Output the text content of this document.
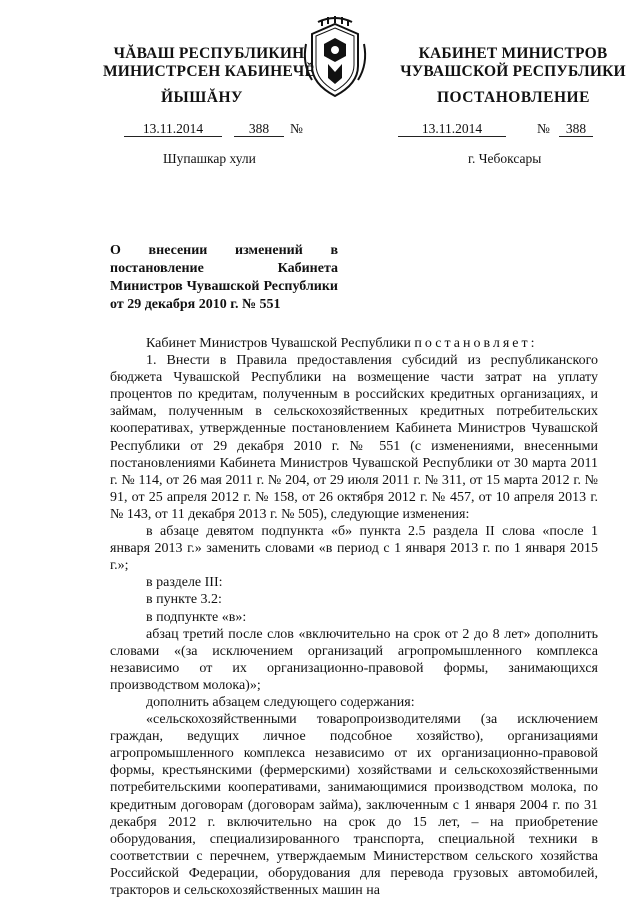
ЧĂВАШ РЕСПУБЛИКИН
МИНИСТРСЕН КАБИНЕЧĚ
КАБИНЕТ МИНИСТРОВ
ЧУВАШСКОЙ РЕСПУБЛИКИ
ЙЫШĂНУ	ПОСТАНОВЛЕНИЕ
13.11.2014	388	№	13.11.2014	№	388
Шупашкар хули	г. Чебоксары
О внесении изменений в постановление Кабинета Министров Чувашской Республики от 29 декабря 2010 г. № 551

Кабинет Министров Чувашской Республики постановляет:

1. Внести в Правила предоставления субсидий из республиканского бюджета Чувашской Республики на возмещение части затрат на уплату процентов по кредитам, полученным в российских кредитных организациях, и займам, полученным в сельскохозяйственных кредитных потребительских кооперативах, утвержденные постановлением Кабинета Министров Чувашской Республики от 29 декабря 2010 г. № 551 (с изменениями, внесенными постановлениями Кабинета Министров Чувашской Республики от 30 марта 2011 г. № 114, от 26 мая 2011 г. № 204, от 29 июля 2011 г. № 311, от 15 марта 2012 г. № 91, от 25 апреля 2012 г. № 158, от 26 октября 2012 г. № 457, от 10 апреля 2013 г. № 143, от 11 декабря 2013 г. № 505), следующие изменения:

в абзаце девятом подпункта «б» пункта 2.5 раздела II слова «после 1 января 2013 г.» заменить словами «в период с 1 января 2013 г. по 1 января 2015 г.»;

в разделе III:

в пункте 3.2:

в подпункте «в»:

абзац третий после слов «включительно на срок от 2 до 8 лет» дополнить словами «(за исключением организаций агропромышленного комплекса независимо от их организационно-правовой формы, занимающихся производством молока)»;

дополнить абзацем следующего содержания:

«сельскохозяйственными товаропроизводителями (за исключением граждан, ведущих личное подсобное хозяйство), организациями агропромышленного комплекса независимо от их организационно-правовой формы, крестьянскими (фермерскими) хозяйствами и сельскохозяйственными потребительскими кооперативами, занимающимися производством молока, по кредитным договорам (договорам займа), заключенным с 1 января 2004 г. по 31 декабря 2012 г. включительно на срок до 15 лет, – на приобретение оборудования, специализированного транспорта, специальной техники в соответствии с перечнем, утверждаемым Министерством сельского хозяйства Российской Федерации, оборудования для перевода грузовых автомобилей, тракторов и сельскохозяйственных машин на
